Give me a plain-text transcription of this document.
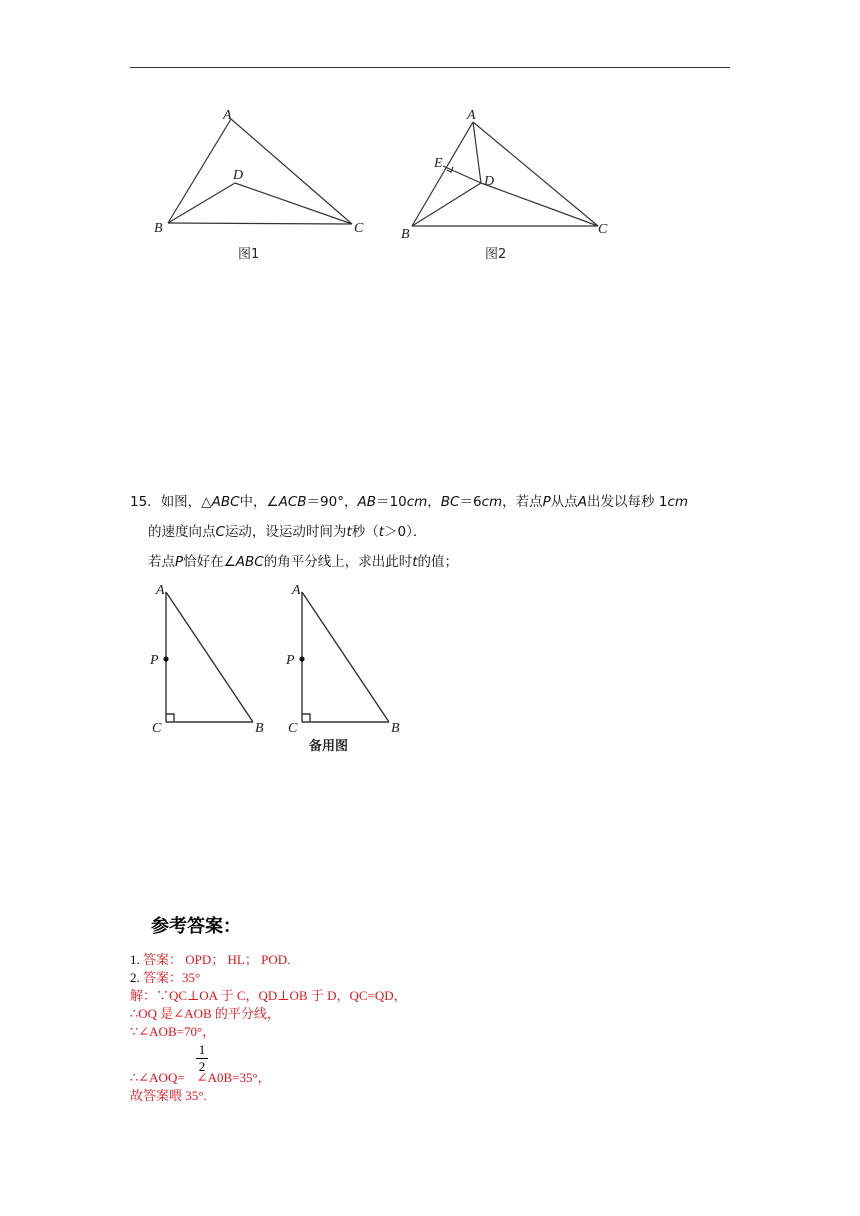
A
B	C
D
图1
A
B	C
D
E
图2
15．如图，△ABC中，∠ACB＝90°，AB＝10cm，BC＝6cm，若点P从点A出发以每秒 1cm
的速度向点C运动，设运动时间为t秒（t＞0）．
若点P恰好在∠ABC的角平分线上，求出此时t的值；
A
P
C	B
A
P
C	B
备用图
参考答案：
1. 答案： OPD； HL； POD.
2. 答案：35°
解：∵QC⊥OA 于 C，QD⊥OB 于 D，QC=QD，
∴OQ 是∠AOB 的平分线，
∵∠AOB=70°，
1
2
∴∠AOQ= ∠A0B=35°，
故答案喂 35°.
